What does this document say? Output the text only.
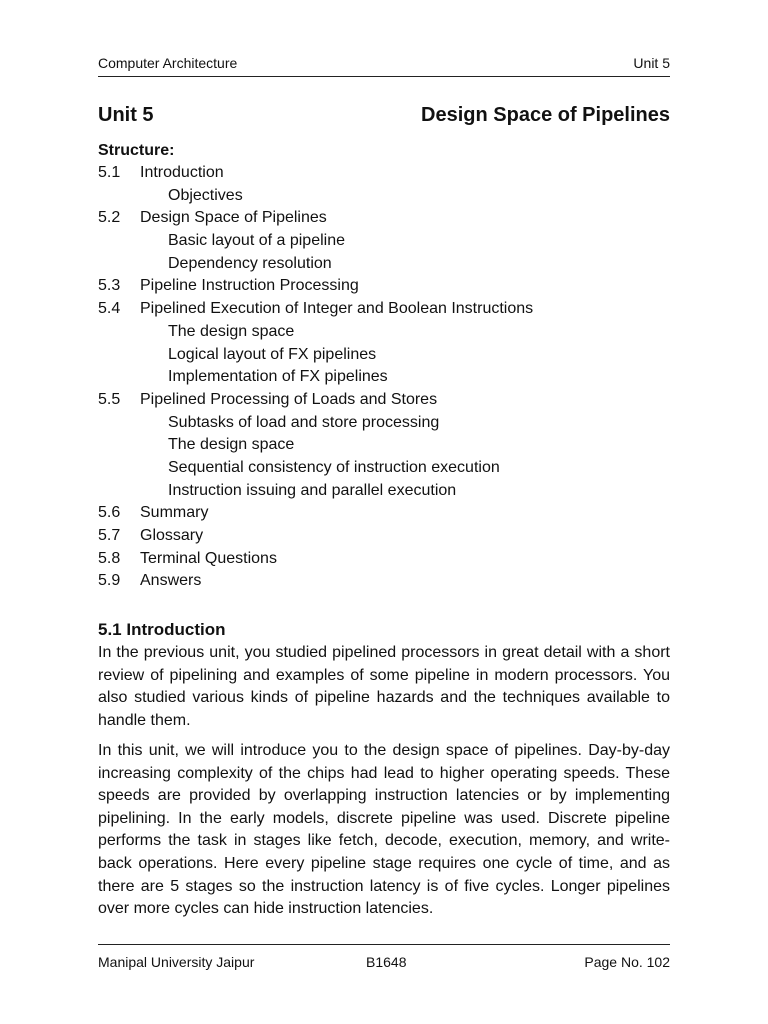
Computer Architecture	Unit 5
Unit 5	Design Space of Pipelines
Structure:
5.1 Introduction
Objectives
5.2 Design Space of Pipelines
Basic layout of a pipeline
Dependency resolution
5.3 Pipeline Instruction Processing
5.4 Pipelined Execution of Integer and Boolean Instructions
The design space
Logical layout of FX pipelines
Implementation of FX pipelines
5.5 Pipelined Processing of Loads and Stores
Subtasks of load and store processing
The design space
Sequential consistency of instruction execution
Instruction issuing and parallel execution
5.6 Summary
5.7 Glossary
5.8 Terminal Questions
5.9 Answers
5.1 Introduction

In the previous unit, you studied pipelined processors in great detail with a short review of pipelining and examples of some pipeline in modern processors. You also studied various kinds of pipeline hazards and the techniques available to handle them.

In this unit, we will introduce you to the design space of pipelines. Day-by-day increasing complexity of the chips had lead to higher operating speeds. These speeds are provided by overlapping instruction latencies or by implementing pipelining. In the early models, discrete pipeline was used. Discrete pipeline performs the task in stages like fetch, decode, execution, memory, and write-back operations. Here every pipeline stage requires one cycle of time, and as there are 5 stages so the instruction latency is of five cycles. Longer pipelines over more cycles can hide instruction latencies.

Manipal University Jaipur	B1648	Page No. 102
